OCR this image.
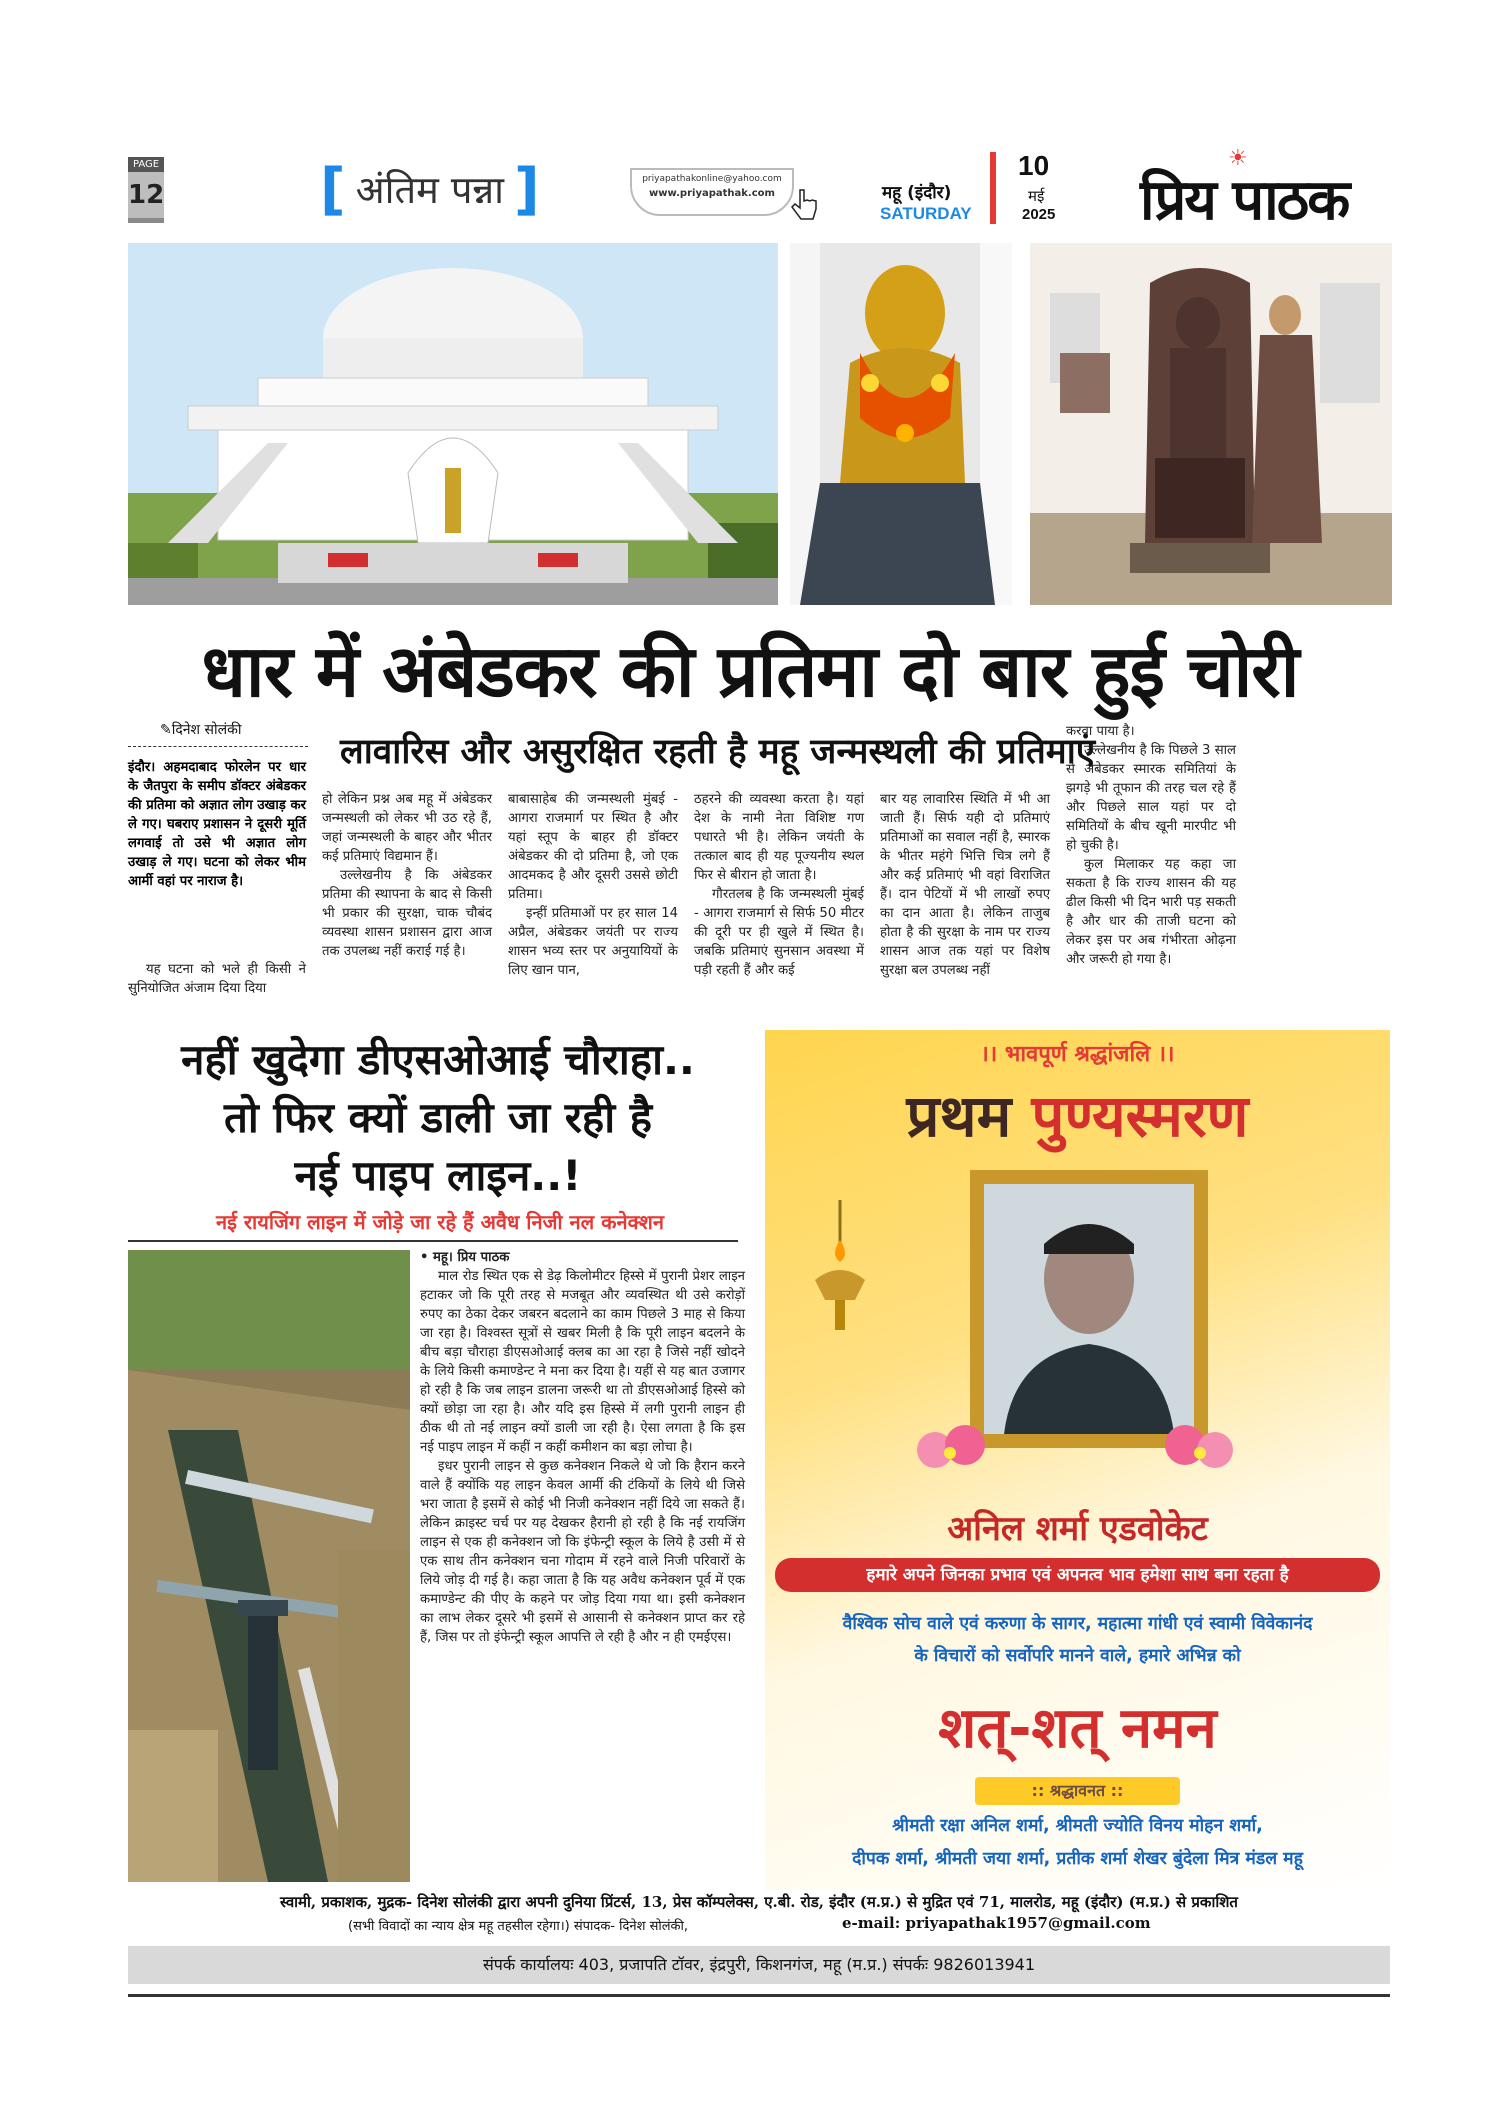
PAGE
12	[ अंतिम पन्ना ]	priyapathakonline@yahoo.com
www.priyapathak.com	महू (इंदौर)
SATURDAY
10
मई
2025
☀
प्रिय पाठक
धार में अंबेडकर की प्रतिमा दो बार हुई चोरी
✎दिनेश सोलंकी
लावारिस और असुरक्षित रहती है महू जन्मस्थली की प्रतिमाएं

इंदौर। अहमदाबाद फोरलेन पर धार के जैतपुरा के समीप डॉक्टर अंबेडकर की प्रतिमा को अज्ञात लोग उखाड़ कर ले गए। घबराए प्रशासन ने दूसरी मूर्ति लगवाई तो उसे भी अज्ञात लोग उखाड़ ले गए। घटना को लेकर भीम आर्मी वहां पर नाराज है।

यह घटना को भले ही किसी ने सुनियोजित अंजाम दिया दिया

हो लेकिन प्रश्न अब महू में अंबेडकर जन्मस्थली को लेकर भी उठ रहे हैं, जहां जन्मस्थली के बाहर और भीतर कई प्रतिमाएं विद्यमान हैं।

उल्लेखनीय है कि अंबेडकर प्रतिमा की स्थापना के बाद से किसी भी प्रकार की सुरक्षा, चाक चौबंद व्यवस्था शासन प्रशासन द्वारा आज तक उपलब्ध नहीं कराई गई है।

बाबासाहेब की जन्मस्थली मुंबई - आगरा राजमार्ग पर स्थित है और यहां स्तूप के बाहर ही डॉक्टर अंबेडकर की दो प्रतिमा है, जो एक आदमकद है और दूसरी उससे छोटी प्रतिमा।

इन्हीं प्रतिमाओं पर हर साल 14 अप्रैल, अंबेडकर जयंती पर राज्य शासन भव्य स्तर पर अनुयायियों के लिए खान पान,

ठहरने की व्यवस्था करता है। यहां देश के नामी नेता विशिष्ट गण पधारते भी है। लेकिन जयंती के तत्काल बाद ही यह पूज्यनीय स्थल फिर से बीरान हो जाता है।

गौरतलब है कि जन्मस्थली मुंबई - आगरा राजमार्ग से सिर्फ 50 मीटर की दूरी पर ही खुले में स्थित है। जबकि प्रतिमाएं सुनसान अवस्था में पड़ी रहती हैं और कई

बार यह लावारिस स्थिति में भी आ जाती हैं। सिर्फ यही दो प्रतिमाएं प्रतिमाओं का सवाल नहीं है, स्मारक के भीतर महंगे भित्ति चित्र लगे हैं और कई प्रतिमाएं भी वहां विराजित हैं। दान पेटियों में भी लाखों रुपए का दान आता है। लेकिन ताजुब होता है की सुरक्षा के नाम पर राज्य शासन आज तक यहां पर विशेष सुरक्षा बल उपलब्ध नहीं

करवा पाया है।

उल्लेखनीय है कि पिछले 3 साल से अंबेडकर स्मारक समितियां के झगड़े भी तूफान की तरह चल रहे हैं और पिछले साल यहां पर दो समितियों के बीच खूनी मारपीट भी हो चुकी है।

कुल मिलाकर यह कहा जा सकता है कि राज्य शासन की यह ढील किसी भी दिन भारी पड़ सकती है और धार की ताजी घटना को लेकर इस पर अब गंभीरता ओढ़ना और जरूरी हो गया है।

नहीं खुदेगा डीएसओआई चौराहा..
तो फिर क्यों डाली जा रही है
नई पाइप लाइन..!
नई रायजिंग लाइन में जोड़े जा रहे हैं अवैध निजी नल कनेक्शन

• महू। प्रिय पाठक

माल रोड स्थित एक से डेढ़ किलोमीटर हिस्से में पुरानी प्रेशर लाइन हटाकर जो कि पूरी तरह से मजबूत और व्यवस्थित थी उसे करोड़ों रुपए का ठेका देकर जबरन बदलाने का काम पिछले 3 माह से किया जा रहा है। विश्वस्त सूत्रों से खबर मिली है कि पूरी लाइन बदलने के बीच बड़ा चौराहा डीएसओआई क्लब का आ रहा है जिसे नहीं खोदने के लिये किसी कमाण्डेन्ट ने मना कर दिया है। यहीं से यह बात उजागर हो रही है कि जब लाइन डालना जरूरी था तो डीएसओआई हिस्से को क्यों छोड़ा जा रहा है। और यदि इस हिस्से में लगी पुरानी लाइन ही ठीक थी तो नई लाइन क्यों डाली जा रही है। ऐसा लगता है कि इस नई पाइप लाइन में कहीं न कहीं कमीशन का बड़ा लोचा है।

इधर पुरानी लाइन से कुछ कनेक्शन निकले थे जो कि हैरान करने वाले हैं क्योंकि यह लाइन केवल आर्मी की टंकियों के लिये थी जिसे भरा जाता है इसमें से कोई भी निजी कनेक्शन नहीं दिये जा सकते हैं। लेकिन क्राइस्ट चर्च पर यह देखकर हैरानी हो रही है कि नई रायजिंग लाइन से एक ही कनेक्शन जो कि इंफेन्ट्री स्कूल के लिये है उसी में से एक साथ तीन कनेक्शन चना गोदाम में रहने वाले निजी परिवारों के लिये जोड़ दी गई है। कहा जाता है कि यह अवैध कनेक्शन पूर्व में एक कमाण्डेन्ट की पीए के कहने पर जोड़ दिया गया था। इसी कनेक्शन का लाभ लेकर दूसरे भी इसमें से आसानी से कनेक्शन प्राप्त कर रहे हैं, जिस पर तो इंफेन्ट्री स्कूल आपत्ति ले रही है और न ही एमईएस।

।। भावपूर्ण श्रद्धांजलि ।।
प्रथम पुण्यस्मरण
अनिल शर्मा एडवोकेट
हमारे अपने जिनका प्रभाव एवं अपनत्व भाव हमेशा साथ बना रहता है
वैश्विक सोच वाले एवं करुणा के सागर, महात्मा गांधी एवं स्वामी विवेकानंद
के विचारों को सर्वोपरि मानने वाले, हमारे अभिन्न को
शत्-शत् नमन
:: श्रद्धावनत ::
श्रीमती रक्षा अनिल शर्मा, श्रीमती ज्योति विनय मोहन शर्मा,
दीपक शर्मा, श्रीमती जया शर्मा, प्रतीक शर्मा शेखर बुंदेला मित्र मंडल महू
स्वामी, प्रकाशक, मुद्रक- दिनेश सोलंकी द्वारा अपनी दुनिया प्रिंटर्स, 13, प्रेस कॉम्पलेक्स, ए.बी. रोड, इंदौर (म.प्र.) से मुद्रित एवं 71, मालरोड, महू (इंदौर) (म.प्र.) से प्रकाशित
(सभी विवादों का न्याय क्षेत्र महू तहसील रहेगा।) संपादक- दिनेश सोलंकी,	e-mail: priyapathak1957@gmail.com
संपर्क कार्यालयः 403, प्रजापति टॉवर, इंद्रपुरी, किशनगंज, महू (म.प्र.) संपर्कः 9826013941
